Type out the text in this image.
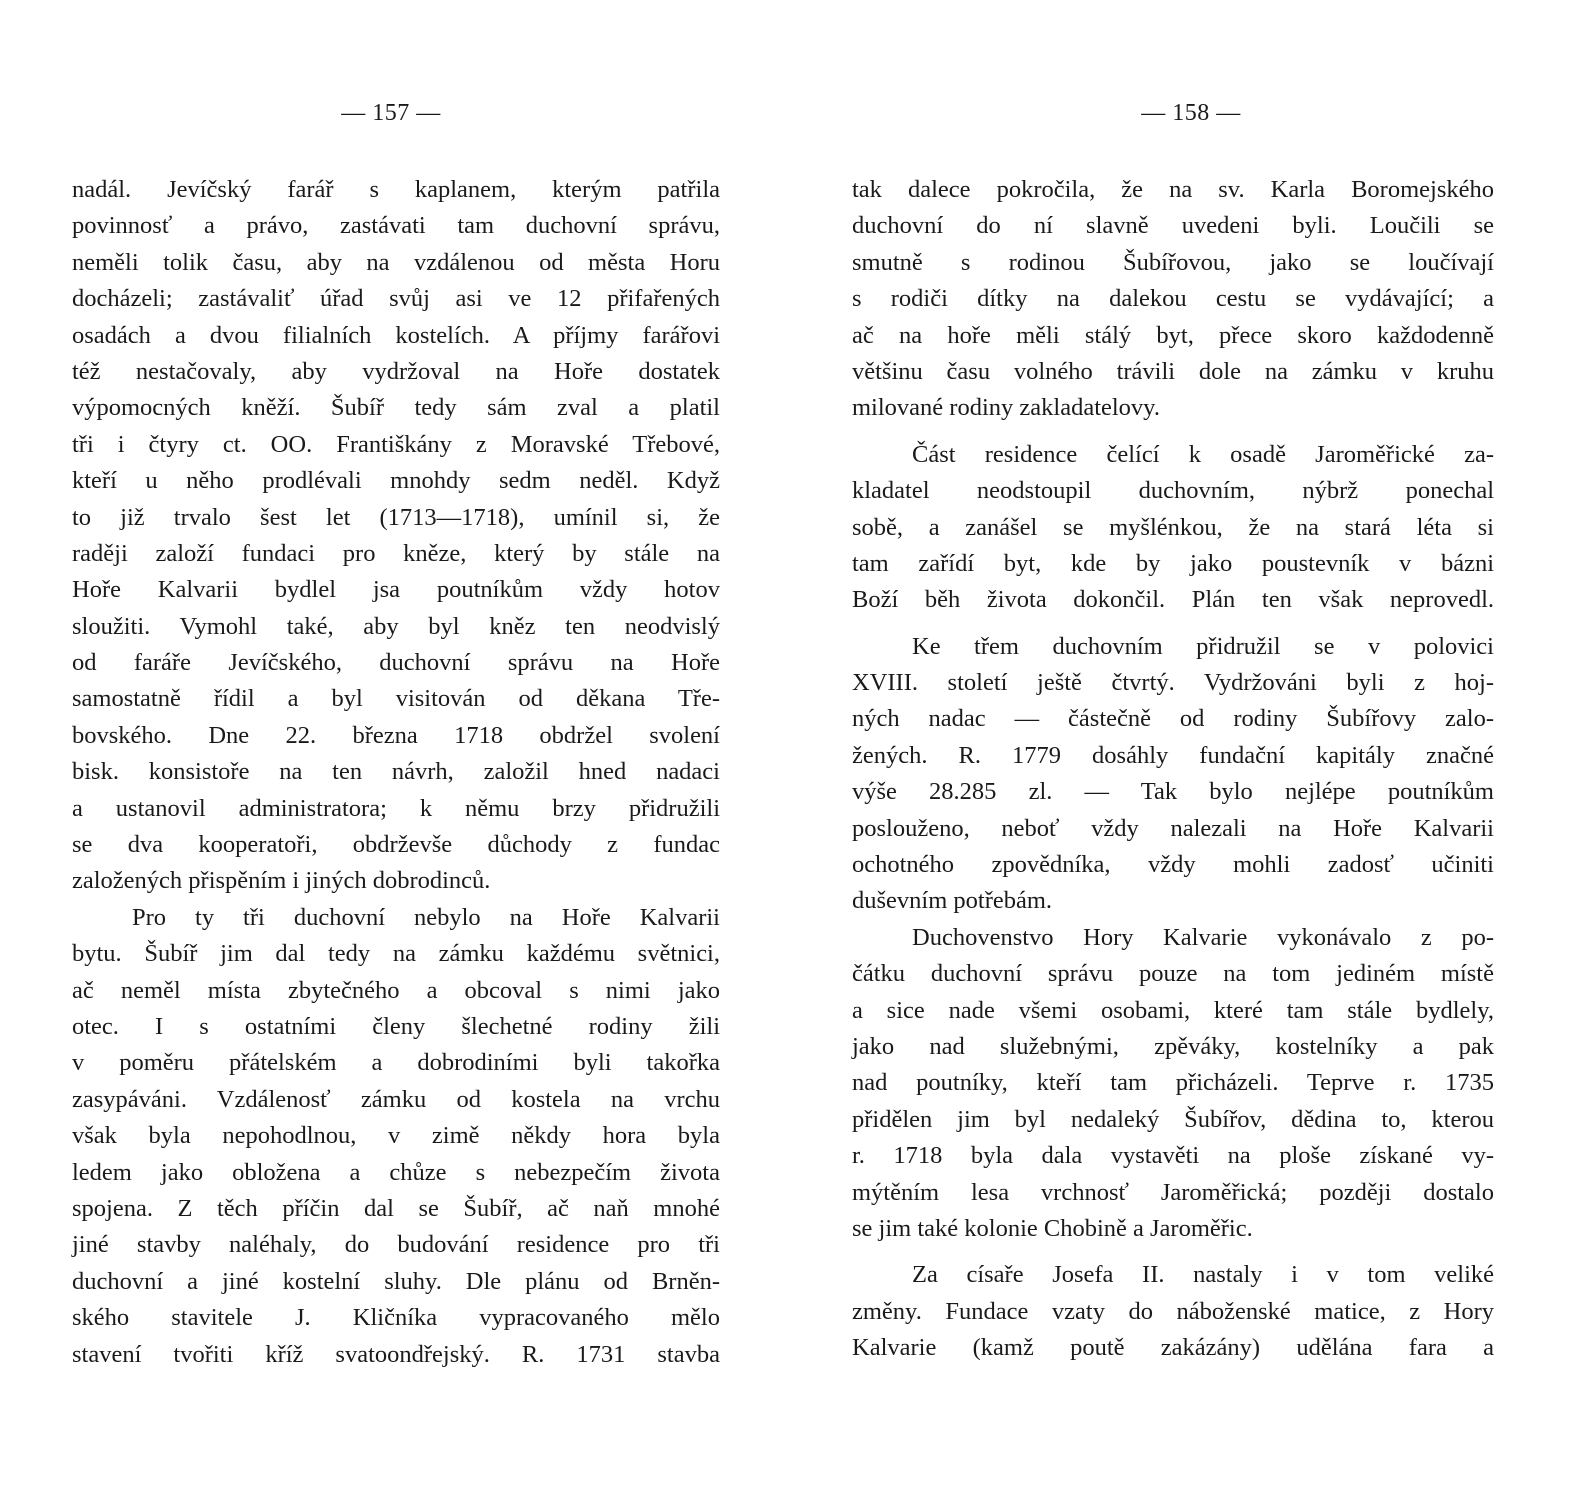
— 157 —
nadál. Jevíčský farář s kaplanem, kterým patřila
povinnosť a právo, zastávati tam duchovní správu,
neměli tolik času, aby na vzdálenou od města Horu
docházeli; zastávaliť úřad svůj asi ve 12 přifařených
osadách a dvou filialních kostelích. A příjmy farářovi
též nestačovaly, aby vydržoval na Hoře dostatek
výpomocných kněží. Šubíř tedy sám zval a platil
tři i čtyry ct. OO. Františkány z Moravské Třebové,
kteří u něho prodlévali mnohdy sedm neděl. Když
to již trvalo šest let (1713—1718), umínil si, že
raději založí fundaci pro kněze, který by stále na
Hoře Kalvarii bydlel jsa poutníkům vždy hotov
sloužiti. Vymohl také, aby byl kněz ten neodvislý
od faráře Jevíčského, duchovní správu na Hoře
samostatně řídil a byl visitován od děkana Tře-
bovského. Dne 22. března 1718 obdržel svolení
bisk. konsistoře na ten návrh, založil hned nadaci
a ustanovil administratora; k němu brzy přidružili
se dva kooperatoři, obdrževše důchody z fundac
založených přispěním i jiných dobrodinců.
Pro ty tři duchovní nebylo na Hoře Kalvarii
bytu. Šubíř jim dal tedy na zámku každému světnici,
ač neměl místa zbytečného a obcoval s nimi jako
otec. I s ostatními členy šlechetné rodiny žili
v poměru přátelském a dobrodiními byli takořka
zasypáváni. Vzdálenosť zámku od kostela na vrchu
však byla nepohodlnou, v zimě někdy hora byla
ledem jako obložena a chůze s nebezpečím života
spojena. Z těch příčin dal se Šubíř, ač naň mnohé
jiné stavby naléhaly, do budování residence pro tři
duchovní a jiné kostelní sluhy. Dle plánu od Brněn-
ského stavitele J. Kličníka vypracovaného mělo
stavení tvořiti kříž svatoondřejský. R. 1731 stavba
— 158 —
tak dalece pokročila, že na sv. Karla Boromejského
duchovní do ní slavně uvedeni byli. Loučili se
smutně s rodinou Šubířovou, jako se loučívají
s rodiči dítky na dalekou cestu se vydávající; a
ač na hoře měli stálý byt, přece skoro každodenně
většinu času volného trávili dole na zámku v kruhu
milované rodiny zakladatelovy.
Část residence čelící k osadě Jaroměřické za-
kladatel neodstoupil duchovním, nýbrž ponechal
sobě, a zanášel se myšlénkou, že na stará léta si
tam zařídí byt, kde by jako poustevník v bázni
Boží běh života dokončil. Plán ten však neprovedl.
Ke třem duchovním přidružil se v polovici
XVIII. století ještě čtvrtý. Vydržováni byli z hoj-
ných nadac — částečně od rodiny Šubířovy zalo-
žených. R. 1779 dosáhly fundační kapitály značné
výše 28.285 zl. — Tak bylo nejlépe poutníkům
poslouženo, neboť vždy nalezali na Hoře Kalvarii
ochotného zpovědníka, vždy mohli zadosť učiniti
duševním potřebám.
Duchovenstvo Hory Kalvarie vykonávalo z po-
čátku duchovní správu pouze na tom jediném místě
a sice nade všemi osobami, které tam stále bydlely,
jako nad služebnými, zpěváky, kostelníky a pak
nad poutníky, kteří tam přicházeli. Teprve r. 1735
přidělen jim byl nedaleký Šubířov, dědina to, kterou
r. 1718 byla dala vystavěti na ploše získané vy-
mýtěním lesa vrchnosť Jaroměřická; později dostalo
se jim také kolonie Chobině a Jaroměřic.
Za císaře Josefa II. nastaly i v tom veliké
změny. Fundace vzaty do náboženské matice, z Hory
Kalvarie (kamž poutě zakázány) udělána fara a
